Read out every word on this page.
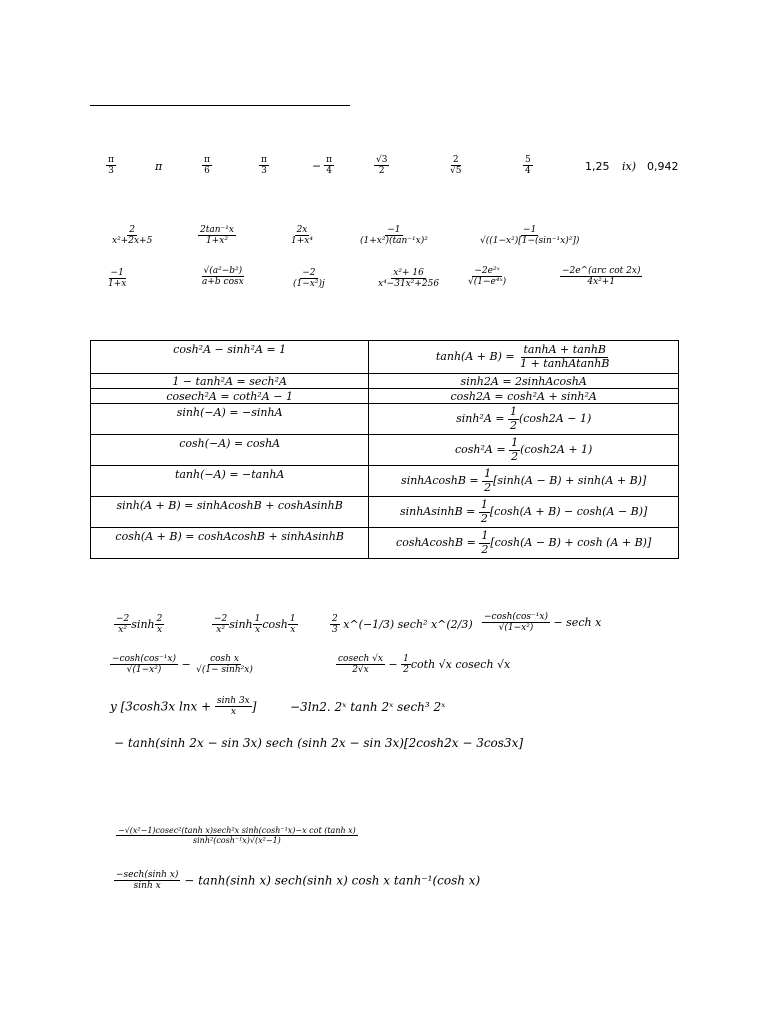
$\frac{\pi}{3}$	π	$\frac{\pi}{6}$	$\frac{\pi}{3}$	− $\frac{\pi}{4}$	$\frac{√3}{2}$	$\frac{2}{√5}$	$\frac{5}{4}$	1,25 ix) 0,942
$\frac{2}{\text{x²+2x+5}}$	$\frac{\text{2tan⁻¹x}}{\text{1+x²}}$	$\frac{2x}{\text{1+x⁴}}$	$\frac{-1}{\text{(1+x²)(tan⁻¹x)²}}$	$\frac{-1}{\text{√((1−x²)[1−(sin⁻¹x)²])}}$
$\frac{-1}{1+x}$	$\frac{\text{√(a²−b²)}}{\text{a+b cosx}}$	$\frac{-2}{\text{(1−x²)j}}$	$\frac{\text{x²+ 16}}{\text{x⁴−31x²+256}}$	$\frac{\text{−2e²ˣ}}{\text{√(1−e⁴ˣ)}}$	$\frac{\text{−2e\textasciicircum{}(arc cot 2x)}}{\text{4x²+1}}$
cosh²A − sinh²A = 1	$\tanh(A + B) = \frac{\tanh A + \tanh B}{\text{1 + tanhAtanhB}}$

1 − tanh²A = sech²A	sinh2A = 2sinhAcoshA
cosech²A = coth²A − 1	cosh2A = cosh²A + sinh²A
sinh(−A) = −sinhA	$\sinh^2A = \frac{1}{2} (\cosh 2A - 1)$
cosh(−A) = coshA	$\cosh^2A = \frac{1}{2} (\cosh 2A + 1)$
tanh(−A) = −tanhA	sinhAcoshB = $\frac{1}{2} [\sinh(A - B) + \sinh(A + B)]$
sinh(A + B) = sinhAcoshB + coshAsinhB	sinhAsinhB = $\frac{1}{2} [\cosh(A + B) - \cosh(A - B)]$
cosh(A + B) = coshAcoshB + sinhAsinhB	coshAcoshB = $\frac{1}{2} [\cosh(A - B) + \cosh (A + B)]$
$\frac{-2}{\text{x²}}$ $\sinh \frac{2}{x}$	$\frac{-2}{\text{x²}}$ $\sinh \frac{1}{x}$ $\cosh \frac{1}{x}$	$\frac{2}{3}$ x^(−1/3) sech² x^(2/3) $\frac{\text{−cosh(cos⁻¹x)}}{\text{√(1−x²)}} - \sec h$ x
$\frac{\text{−cosh(cos⁻¹x)}}{\text{√(1−x²)}} - \frac{\text{cosh x}}{\text{√(1− sinh²x)}}$	$\frac{cosech √x}{2√x} - \frac{1}{2}$ coth √x cosech √x
y [3cosh3x $\ln x + \frac{\sinh 3x}{x}$ ]	−3ln2. 2ˣ tanh 2ˣ sech³ 2ˣ
− tanh(sinh 2x − sin 3x) sech (sinh 2x − sin 3x)[2cosh2x − 3cos3x]
$\frac{\text{−√(x²−1)cosec²(tanh x)sech²x sinh(cosh⁻¹x)−x cot (tanh x)}}{\text{sinh²(cosh⁻¹x)√(x²−1)}}$
$\frac{\text{−sech(sinh x)}}{\text{sinh x}} - \tanh(\sinh$ x) sech(sinh x) cosh x tanh⁻¹(cosh x)
